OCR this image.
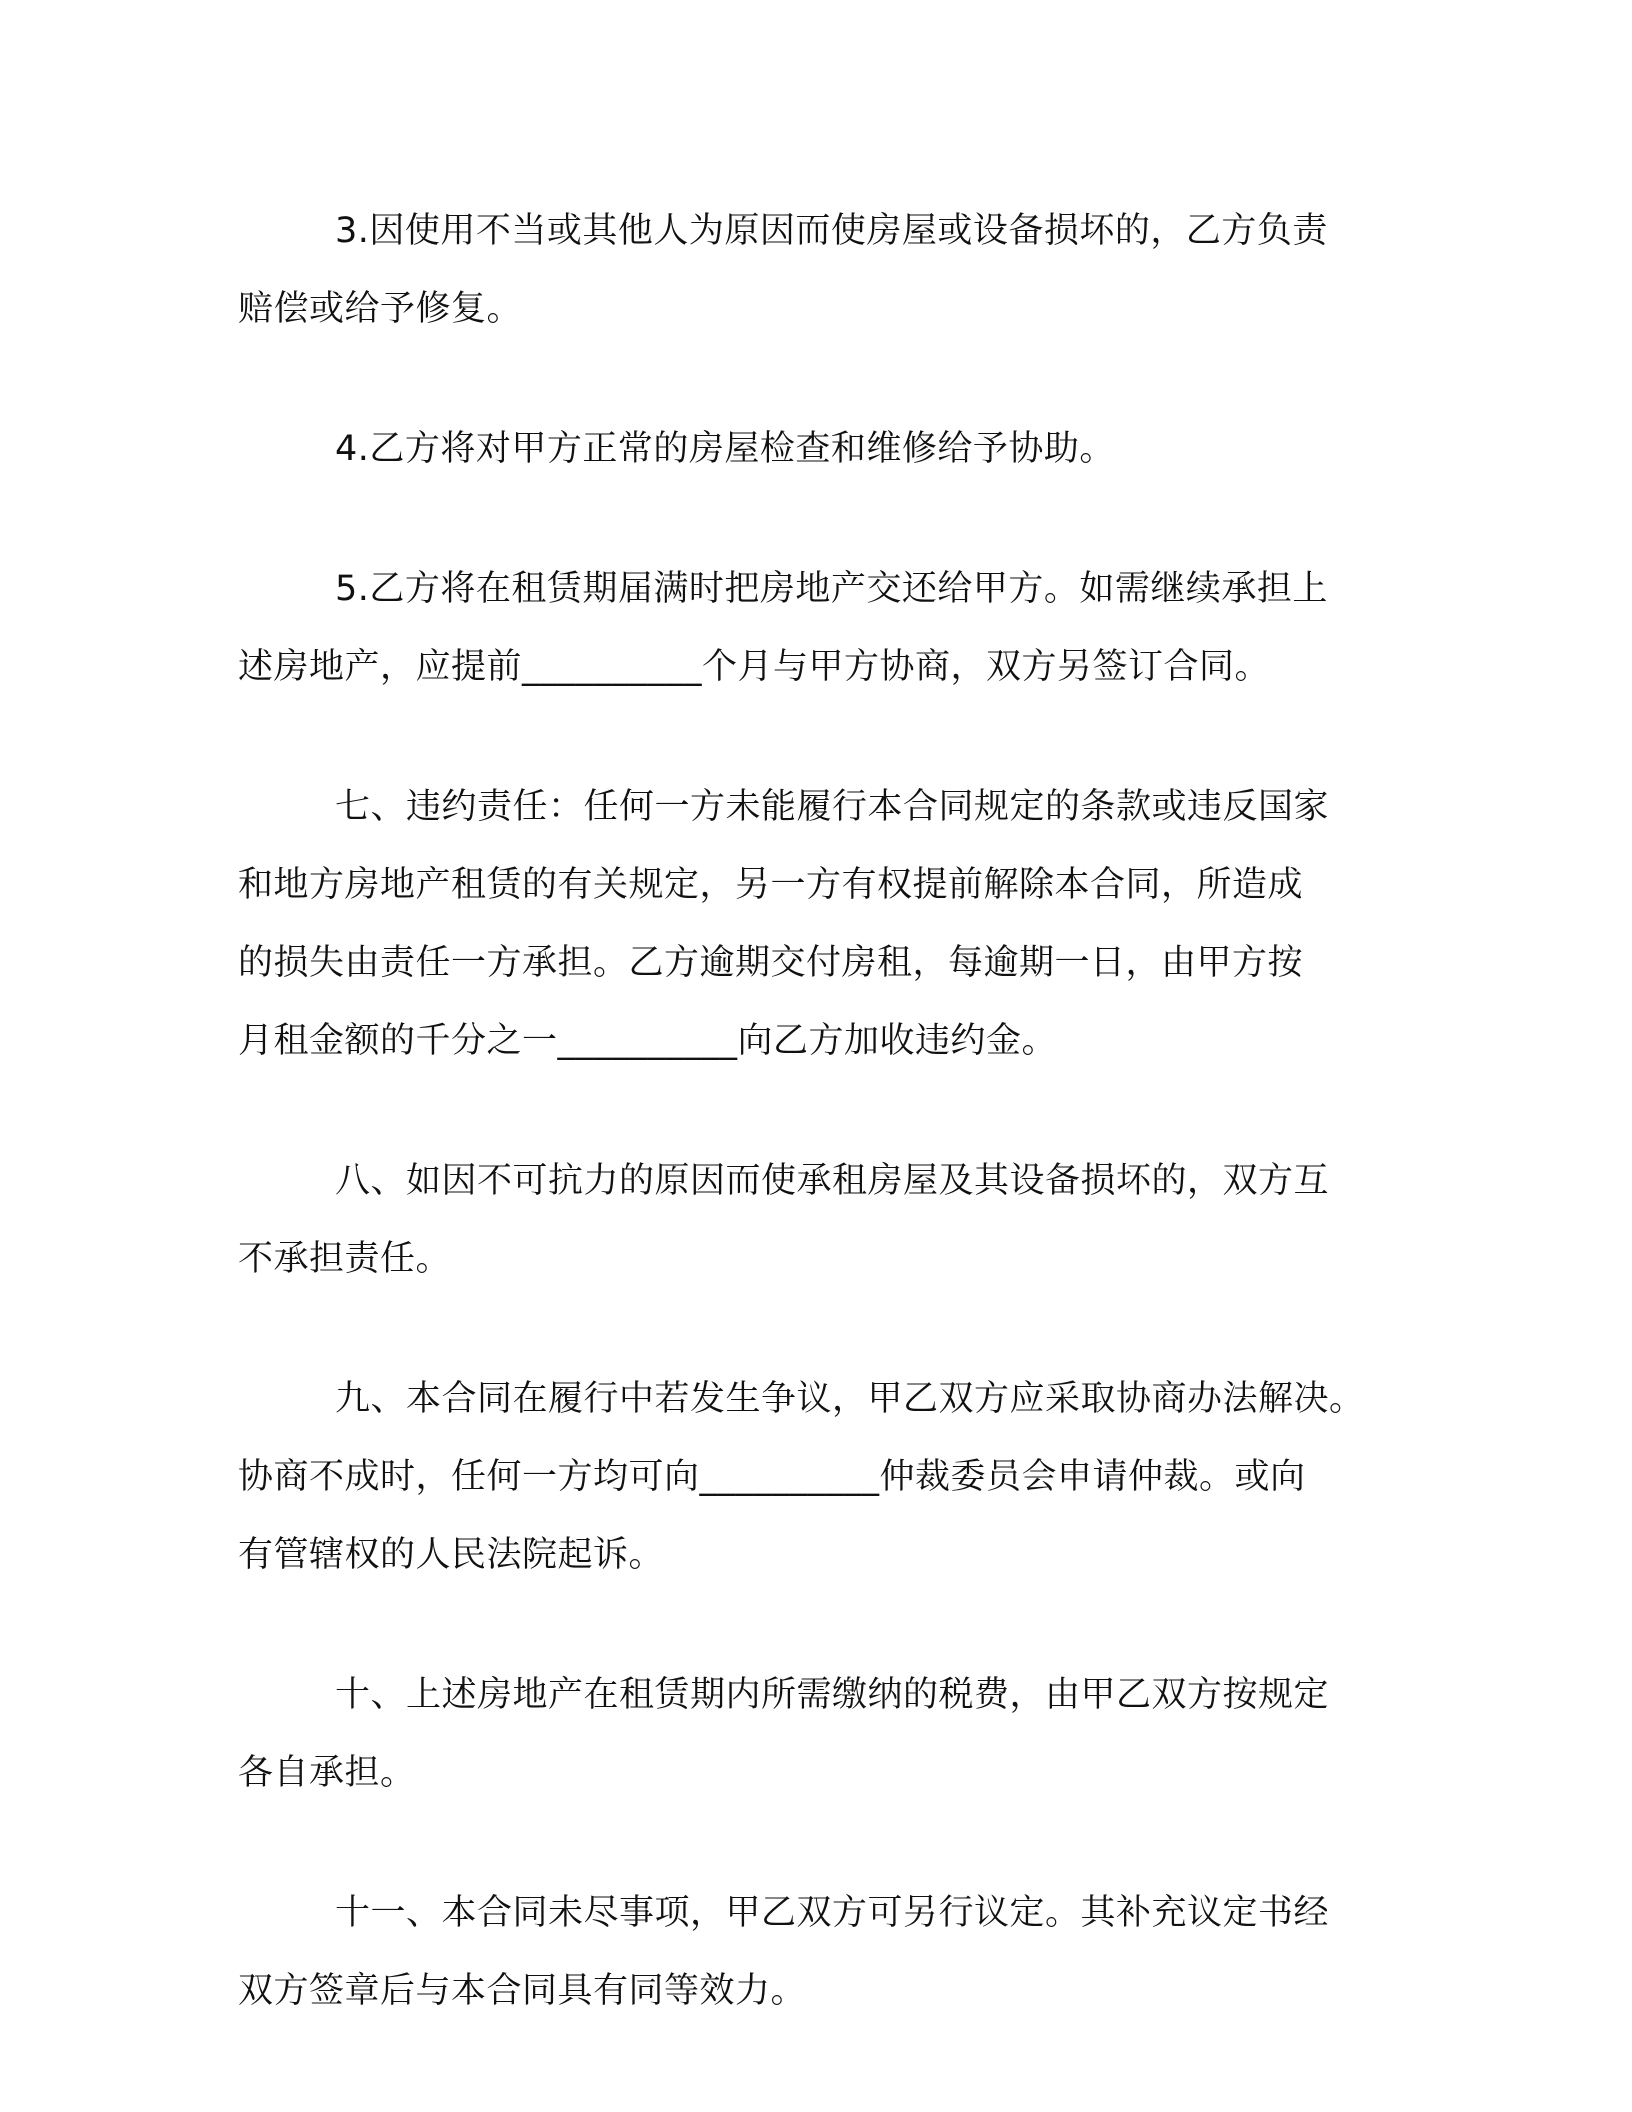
3.因使用不当或其他人为原因而使房屋或设备损坏的，乙方负责
赔偿或给予修复。

4.乙方将对甲方正常的房屋检查和维修给予协助。

5.乙方将在租赁期届满时把房地产交还给甲方。如需继续承担上
述房地产，应提前__________个月与甲方协商，双方另签订合同。

七、违约责任：任何一方未能履行本合同规定的条款或违反国家
和地方房地产租赁的有关规定，另一方有权提前解除本合同，所造成
的损失由责任一方承担。乙方逾期交付房租，每逾期一日，由甲方按
月租金额的千分之一__________向乙方加收违约金。

八、如因不可抗力的原因而使承租房屋及其设备损坏的，双方互
不承担责任。

九、本合同在履行中若发生争议，甲乙双方应采取协商办法解决。
协商不成时，任何一方均可向__________仲裁委员会申请仲裁。或向
有管辖权的人民法院起诉。

十、上述房地产在租赁期内所需缴纳的税费，由甲乙双方按规定
各自承担。

十一、本合同未尽事项，甲乙双方可另行议定。其补充议定书经
双方签章后与本合同具有同等效力。
